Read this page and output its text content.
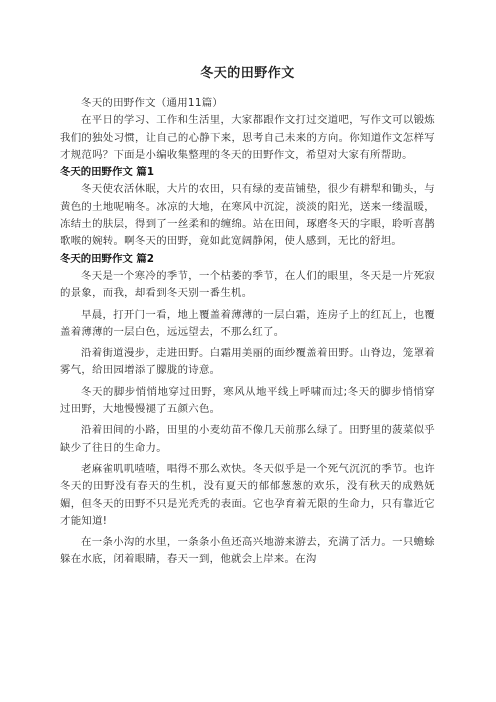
冬天的田野作文

冬天的田野作文（通用11篇）

在平日的学习、工作和生活里，大家都跟作文打过交道吧，写作文可以锻炼我们的独处习惯，让自己的心静下来，思考自己未来的方向。你知道作文怎样写才规范吗？下面是小编收集整理的冬天的田野作文，希望对大家有所帮助。

冬天的田野作文 篇1

冬天使农活休眠，大片的农田，只有绿的麦苗铺垫，很少有耕犁和锄头，与黄色的土地呢喃冬。冰凉的大地，在寒风中沉淀，淡淡的阳光，送来一缕温暖，冻结土的肤层，得到了一丝柔和的缠绵。站在田间，琢磨冬天的字眼，聆听喜鹊歌喉的婉转。啊冬天的田野，竟如此宽阔静闲，使人感到，无比的舒坦。

冬天的田野作文 篇2

冬天是一个寒冷的季节，一个枯萎的季节，在人们的眼里，冬天是一片死寂的景象，而我，却看到冬天别一番生机。

早晨，打开门一看，地上覆盖着薄薄的一层白霜，连房子上的红瓦上，也覆盖着薄薄的一层白色，远远望去，不那么红了。

沿着街道漫步，走进田野。白霜用美丽的面纱覆盖着田野。山脊边，笼罩着雾气，给田园增添了朦胧的诗意。

冬天的脚步悄悄地穿过田野，寒风从地平线上呼啸而过;冬天的脚步悄悄穿过田野，大地慢慢褪了五颜六色。

沿着田间的小路，田里的小麦幼苗不像几天前那么绿了。田野里的菠菜似乎缺少了往日的生命力。

老麻雀叽叽喳喳，唱得不那么欢快。冬天似乎是一个死气沉沉的季节。也许冬天的田野没有春天的生机，没有夏天的郁郁葱葱的欢乐，没有秋天的成熟妩媚，但冬天的田野不只是光秃秃的表面。它也孕育着无限的生命力，只有靠近它才能知道!

在一条小沟的水里，一条条小鱼还高兴地游来游去，充满了活力。一只蟾蜍躲在水底，闭着眼睛，春天一到，他就会上岸来。在沟
